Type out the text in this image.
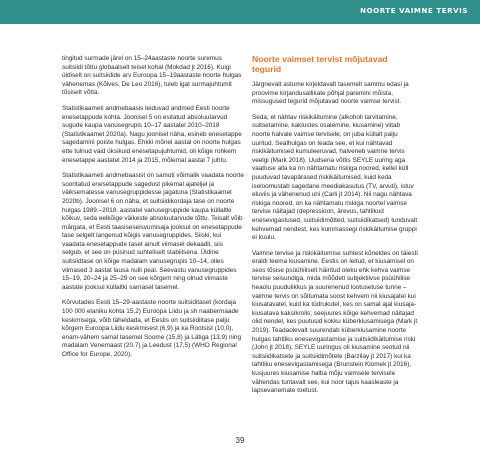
NOORTE VAIMNE TERVIS

tingitud surmade järel on 15–24aastaste noorte suremus suitsiidi tõttu globaalselt teisel kohal (Mokdad jt 2016). Kuigi üldiselt on suitsiidide arv Euroopa 15–19aastaste noorte hulgas vähenemas (Kõlves, De Leo 2016), tuleb igat surmajuhtumit tõsiselt võtta.

Statistikaameti andmebaasis leiduvad andmed Eesti noorte enesetappude kohta. Joonisel 5 on esitatud absoluutarvud sugude kaupa vanusegrupis 10–17 aastatel 2010–2018 (Statistikaamet 2020a). Nagu joonisel näha, esineb enesetappe sagedamini poiste hulgas. Ehkki mõnel aastal on noorte hulgas ette tulnud vaid üksikuid enesetapujuhtumid, oli kõige rohkem enesetappe aastatel 2014 ja 2015, mõlemal aastal 7 juhtu.

Statistikaameti andmebaasist on samuti võimalik vaadata noorte sooritatud enesetappude sagedust pikemal ajateljel ja väiksematesse vanusegruppidesse jagatuna (Statistikaamet 2020b). Joonisel 6 on näha, et suitsiidikordaja tase on noorte hulgas 1989.–2018. aastatel vanusegruppide kaupa küllaltki kõikuv, seda eelkõige väikeste absoluutarvude tõttu. Teisalt võib märgata, et Eesti taasiseseisvumisaja jooksul on enesetappude tase selgelt langenud kõigis vanusegruppides. Siiski, kui vaadata enesetappude taset ainult viimasel dekaadil, siis selgub, et see on püsinud suhteliselt stabiilsena. Üldine suitsiidtase on kõige madalam vanusegrupis 10–14, olles viimased 3 aastat lausa nulli peal. Seevastu vanusegruppides 15–19, 20–24 ja 25–29 on see kõrgem ning olnud viimaste aastate jooksul küllaltki sarnasel tasemel.

Kõrvutades Eesti 15–29-aastaste noorte suitsiditaset (kordaja 100 000 elaniku kohta 15,2) Euroopa Liidu ja sh naabermaade keskmisega, võib täheldada, et Eestis on suitsiidiitase palju kõrgem Euroopa Liidu keskmisest (6,9) ja ka Rootsist (10,0), enam-vähem samal tasemel Soome (15,8) ja Lätiga (13,9) ning madalam Venemaast (20,7) ja Leedust (17,5) (WHO Regional Office for Europe, 2020).

Noorte vaimset tervist mõjutavad tegurid

Järgnevalt astume kirjeldavalt tasemelt sammu edasi ja proovime kirjandusallikate põhjal paremini mõista, missugused tegurid mõjutavad noorte vaimse tervist.

Seda, et nähtav riskikäitumine (alkoholi tarvitamine, suitsetamine, kaklustes osalemine, kiusamine) viitab noorte halvale vaimse tervisele, on juba küllalt palju uuritud. Sealhulgas on teada see, et kui nähtavad riskikäitumised kumuleeruvad, halveneb vaimne tervis veelgi (Mark 2018). Uudsena võttis SEYLE uuring aga vaatluse alla ka nn nähtamatu riskiga noored, kellel küll puuduvad tavapärased riskikäitumised, kuid keda iseloomustab sagedane meediakasutus (TV, arvuti), istuv eluviis ja vähenenud uni (Carli jt 2014). Nii nagu nähtava riskiga noored, on ka nähtamatu riskiga noortel vaimse tervise näitajad (depressioon, ärevus, tahtlikud enesevigastused, suitsiidimõtted, suitsiidikatsed) tunduvalt kehvemad nendest, kes kummassegi riskikäitumise gruppi ei kuulu.

Vaimne tervise ja riskikäitumise suhtest kõneldes on täiesti eraldi teema kiusamine. Eestis on leitud, et kiusamisel on seos tõsise psüühiliselt häiritud oleku ehk kehva vaimse tervise seisundiga, mida mõõdeti subjektiivse psüühilise heaolu puudulikkus ja suurenenud lootusetuse tunne – vaimne tervis on sõltumata soost kehvem nii kiusajatel kui kiusatavatel, kuid ka tüdrukutel, kes on samal ajal kiusaja-kiusatava kaksikrolis; seejuures kõige kehvemad näitajad olid nendel, kes puutusid kokku küberkiusamisega (Mark jt 2019). Teadaolevalt suurendab küberkiusamine noorte hulgas tahtliku enesevigastamise ja suitsiidikäitumise riski (John jt 2018). SEYLE uuringus oli kiusamine seotud nii suitsiidikatsete ja suitsiidimõtete (Barzilay jt 2017) kui ka tahtliku enesevigastamisega (Brunstein Klomek jt 2016), kusjuures kiusamise halba mõju vaimsele tervisele vähendas tuntavalt see, kui noor tajus kaasleaste ja lapsevanemate toetust.

39
